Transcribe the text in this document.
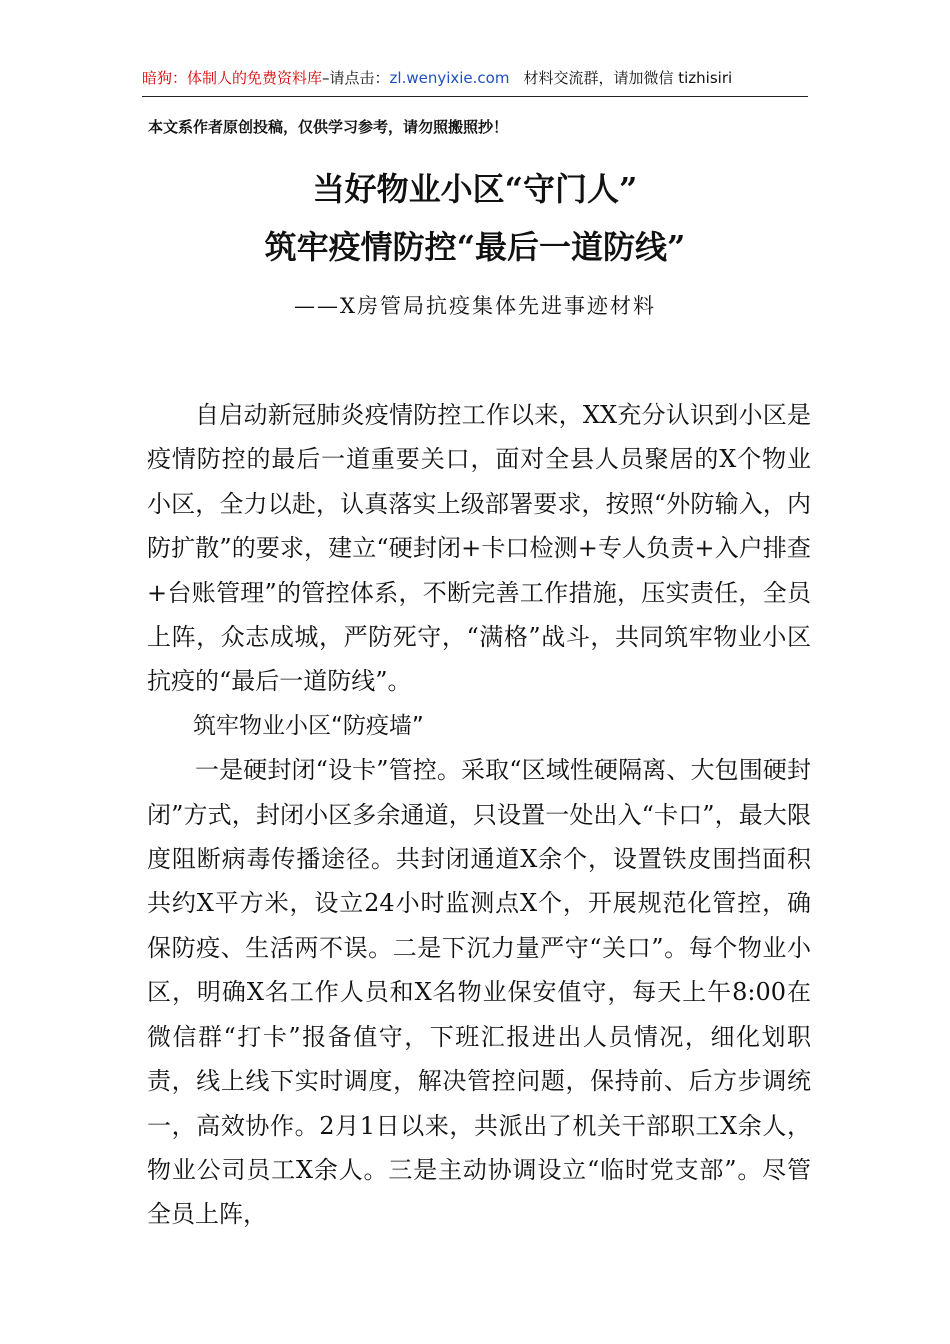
暗狗：体制人的免费资料库–请点击：zl.wenyixie.com 材料交流群，请加微信 tizhisiri
本文系作者原创投稿，仅供学习参考，请勿照搬照抄！
当好物业小区“守门人”
筑牢疫情防控“最后一道防线”
——X房管局抗疫集体先进事迹材料

自启动新冠肺炎疫情防控工作以来，XX充分认识到小区是疫情防控的最后一道重要关口，面对全县人员聚居的X个物业小区，全力以赴，认真落实上级部署要求，按照“外防输入，内防扩散”的要求，建立“硬封闭+卡口检测+专人负责+入户排查+台账管理”的管控体系，不断完善工作措施，压实责任，全员上阵，众志成城，严防死守，“满格”战斗，共同筑牢物业小区抗疫的“最后一道防线”。

筑牢物业小区“防疫墙”

一是硬封闭“设卡”管控。采取“区域性硬隔离、大包围硬封闭”方式，封闭小区多余通道，只设置一处出入“卡口”，最大限度阻断病毒传播途径。共封闭通道X余个，设置铁皮围挡面积共约X平方米，设立24小时监测点X个，开展规范化管控，确保防疫、生活两不误。二是下沉力量严守“关口”。每个物业小区，明确X名工作人员和X名物业保安值守，每天上午8:00在微信群“打卡”报备值守，下班汇报进出人员情况，细化划职责，线上线下实时调度，解决管控问题，保持前、后方步调统一，高效协作。2月1日以来，共派出了机关干部职工X余人，物业公司员工X余人。三是主动协调设立“临时党支部”。尽管全员上阵，
